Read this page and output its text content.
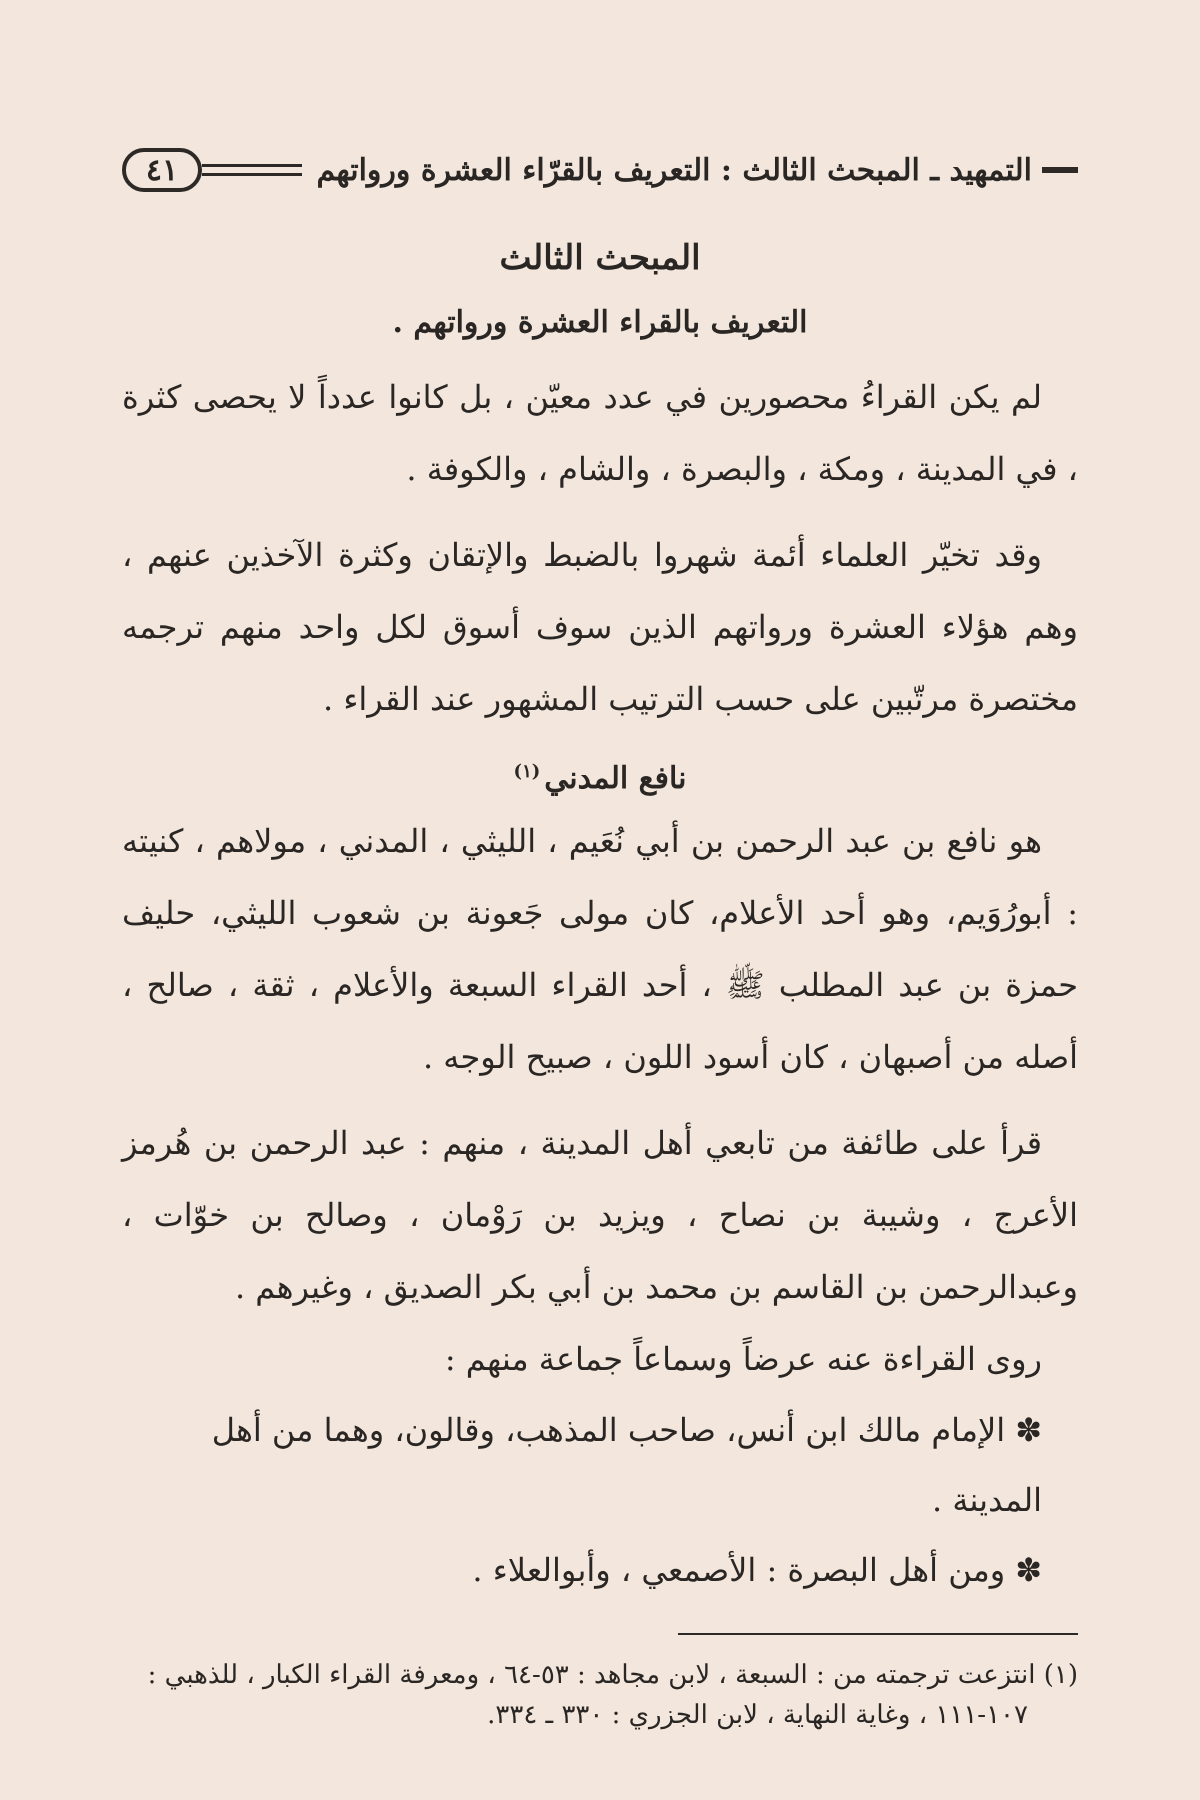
التمهيد ـ المبحث الثالث : التعريف بالقرّاء العشرة ورواتهم
٤١
المبحث الثالث
التعريف بالقراء العشرة ورواتهم .

لم يكن القراءُ محصورين في عدد معيّن ، بل كانوا عدداً لا يحصى كثرة ، في المدينة ، ومكة ، والبصرة ، والشام ، والكوفة .

وقد تخيّر العلماء أئمة شهروا بالضبط والإتقان وكثرة الآخذين عنهم ، وهم هؤلاء العشرة ورواتهم الذين سوف أسوق لكل واحد منهم ترجمه مختصرة مرتّبين على حسب الترتيب المشهور عند القراء .

نافع المدني$^{(١)}$

هو نافع بن عبد الرحمن بن أبي نُعَيم ، الليثي ، المدني ، مولاهم ، كنيته : أبورُوَيم، وهو أحد الأعلام، كان مولى جَعونة بن شعوب الليثي، حليف حمزة بن عبد المطلب ﷺ ، أحد القراء السبعة والأعلام ، ثقة ، صالح ، أصله من أصبهان ، كان أسود اللون ، صبيح الوجه .

قرأ على طائفة من تابعي أهل المدينة ، منهم : عبد الرحمن بن هُرمز الأعرج ، وشيبة بن نصاح ، ويزيد بن رَوْمان ، وصالح بن خوّات ، وعبدالرحمن بن القاسم بن محمد بن أبي بكر الصديق ، وغيرهم .

روى القراءة عنه عرضاً وسماعاً جماعة منهم :

✽الإمام مالك ابن أنس، صاحب المذهب، وقالون، وهما من أهل المدينة .
✽ومن أهل البصرة : الأصمعي ، وأبوالعلاء .
(١) انتزعت ترجمته من : السبعة ، لابن مجاهد : ٥٣-٦٤ ، ومعرفة القراء الكبار ، للذهبي :
١٠٧-١١١ ، وغاية النهاية ، لابن الجزري : ٣٣٠ ـ ٣٣٤.
